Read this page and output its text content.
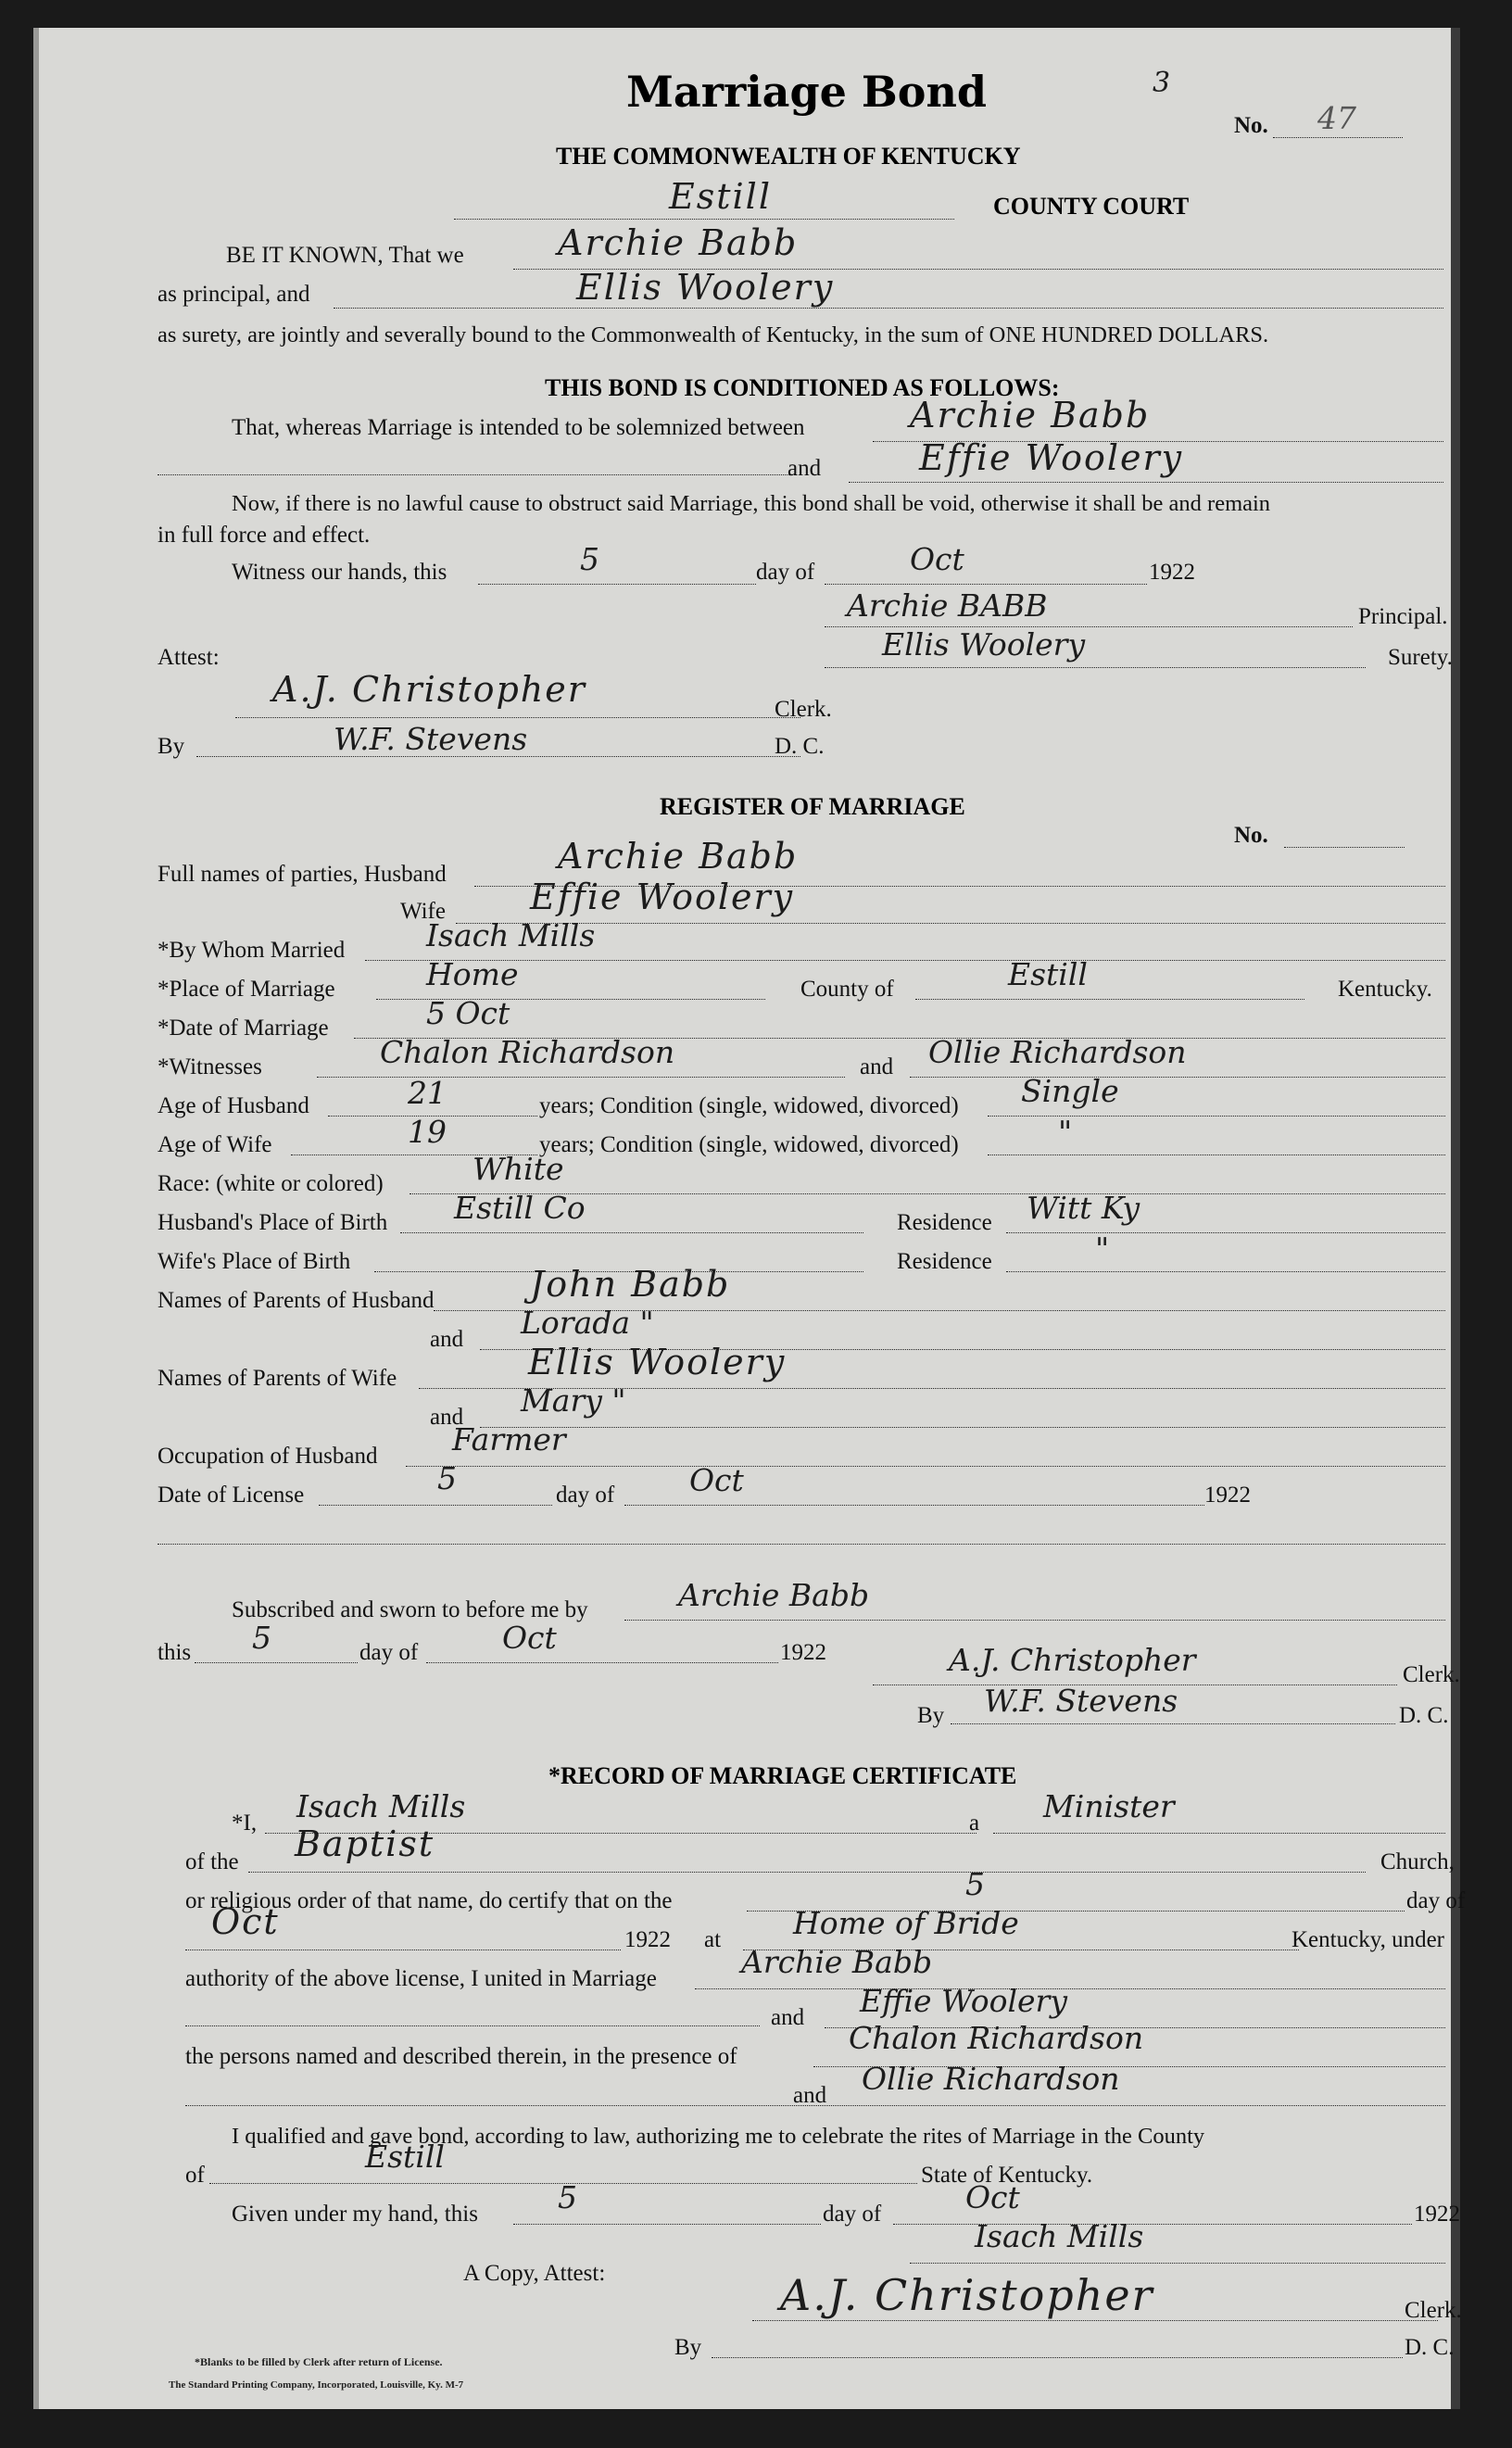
Marriage Bond	3
No. 47
THE COMMONWEALTH OF KENTUCKY
Estill	COUNTY COURT
BE IT KNOWN, That we	Archie Babb
as principal, and	Ellis Woolery
as surety, are jointly and severally bound to the Commonwealth of Kentucky, in the sum of ONE HUNDRED DOLLARS.
THIS BOND IS CONDITIONED AS FOLLOWS:
That, whereas Marriage is intended to be solemnized between	Archie Babb
and	Effie Woolery
Now, if there is no lawful cause to obstruct said Marriage, this bond shall be void, otherwise it shall be and remain
in full force and effect.
Witness our hands, this	5	day of	Oct	1922
Archie BABB	Principal.
Ellis Woolery	Surety.
Attest:
A.J. Christopher	Clerk.
By	W.F. Stevens	D. C.
REGISTER OF MARRIAGE
No.
Full names of parties, Husband	Archie Babb
Wife Effie Woolery
*By Whom Married	Isach Mills
*Place of Marriage	Home	County of	Estill	Kentucky.
*Date of Marriage	5 Oct
*Witnesses	Chalon Richardson	and Ollie Richardson
Age of Husband	21	years; Condition (single, widowed, divorced) Single
Age of Wife	19	years; Condition (single, widowed, divorced)	"
Race: (white or colored)	White
Husband's Place of Birth Estill Co	Residence Witt Ky
Wife's Place of Birth	Residence	"
Names of Parents of Husband	John Babb
and Lorada "
Names of Parents of Wife	Ellis Woolery
and Mary "
Occupation of Husband Farmer
Date of License	5	day of Oct	1922
Subscribed and sworn to before me by	Archie Babb
this 5	day of	Oct	1922	A.J. Christopher	Clerk.
By W.F. Stevens	D. C.
*RECORD OF MARRIAGE CERTIFICATE
*I, Isach Mills	a Minister
of the Baptist	Church,
or religious order of that name, do certify that on the	5	day of
Oct	1922 at Home of Bride	Kentucky, under
authority of the above license, I united in Marriage	Archie Babb
and Effie Woolery
the persons named and described therein, in the presence of
Chalon Richardson
and Ollie Richardson
I qualified and gave bond, according to law, authorizing me to celebrate the rites of Marriage in the County
of
Estill
State of Kentucky.
Given under my hand, this	5	day of	Oct	1922
Isach Mills
A Copy, Attest:	A.J. Christopher	Clerk.
By	D. C.
*Blanks to be filled by Clerk after return of License.
The Standard Printing Company, Incorporated, Louisville, Ky. M-7
